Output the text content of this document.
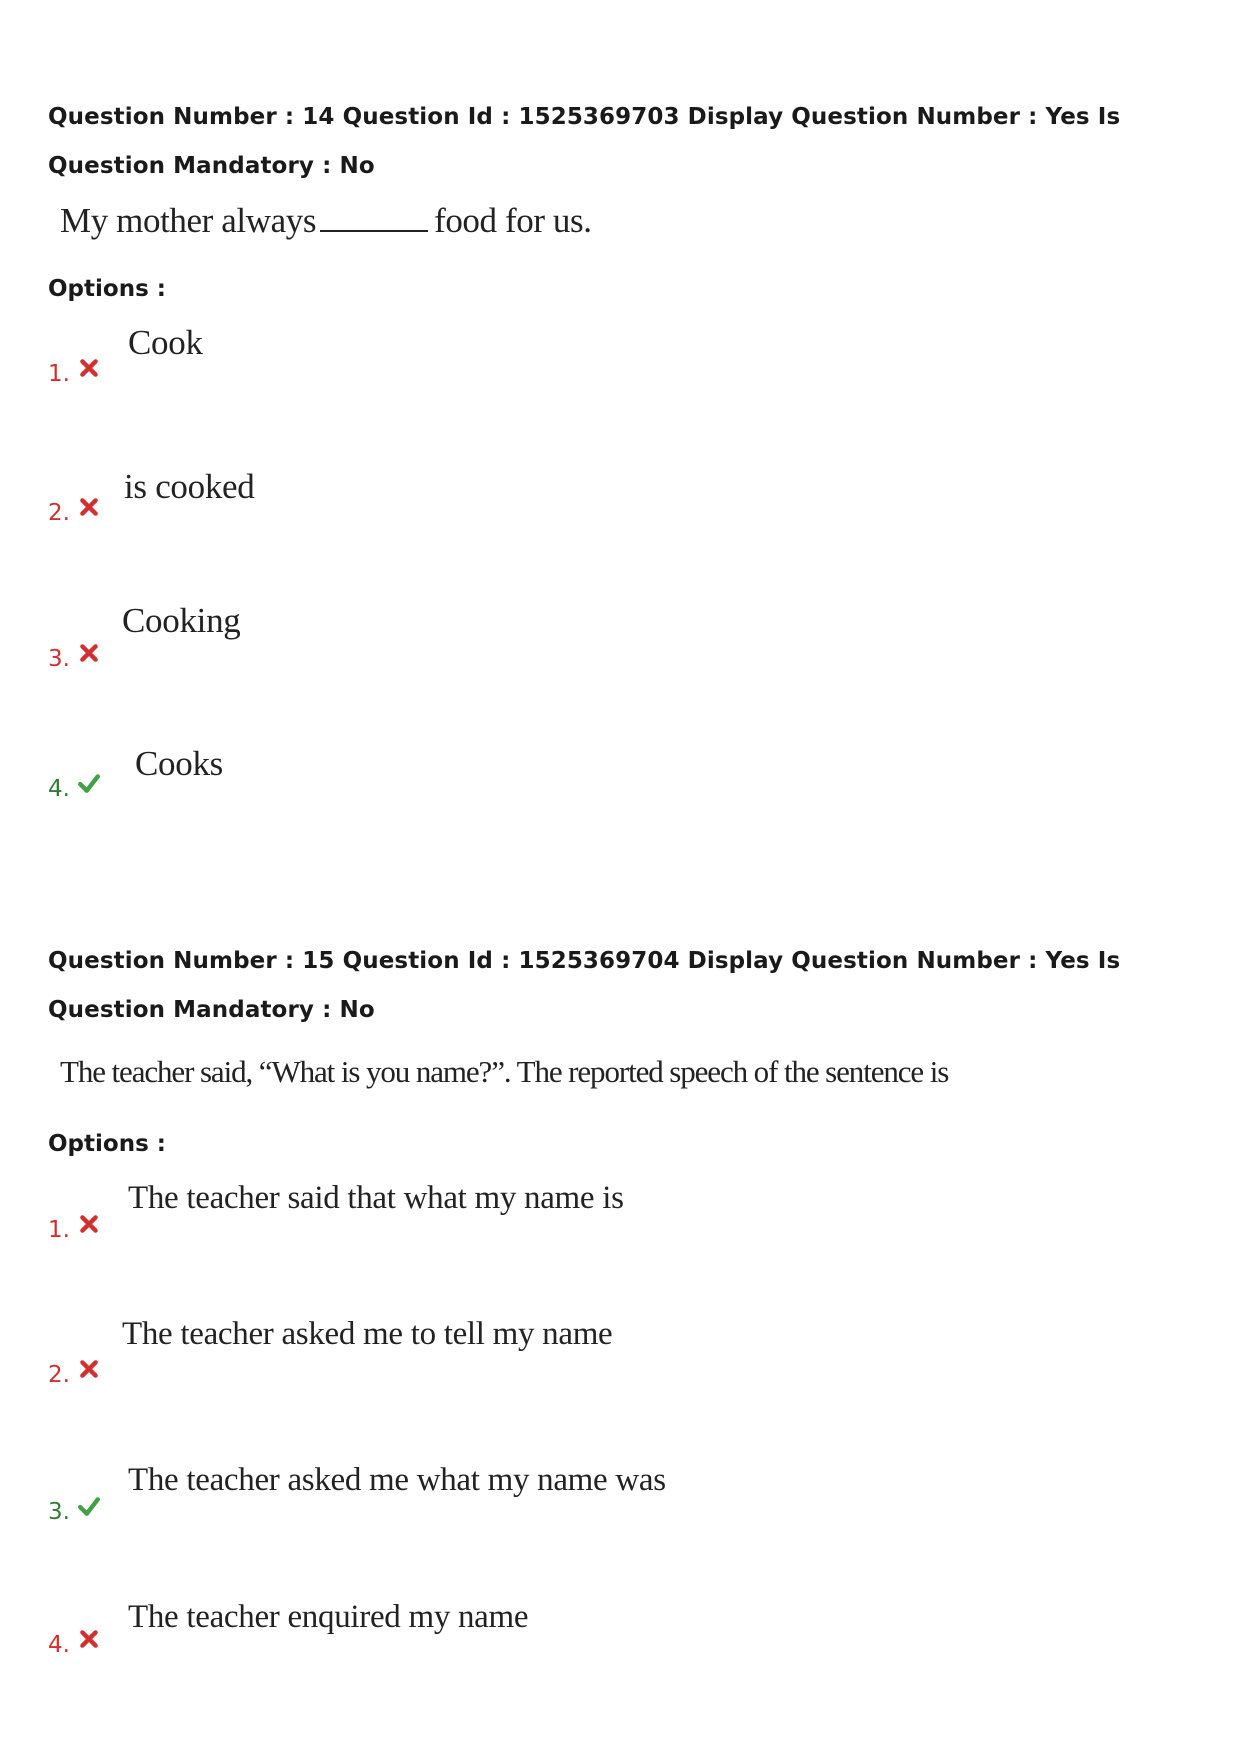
Question Number : 14 Question Id : 1525369703 Display Question Number : Yes Is Question Mandatory : No
My mother always	food for us.
Options :
1.
Cook
2.
is cooked
3.
Cooking
4.
Cooks
Question Number : 15 Question Id : 1525369704 Display Question Number : Yes Is Question Mandatory : No
The teacher said, “What is you name?”. The reported speech of the sentence is
Options :
1.
The teacher said that what my name is
2.
The teacher asked me to tell my name
3.
The teacher asked me what my name was
4.
The teacher enquired my name
